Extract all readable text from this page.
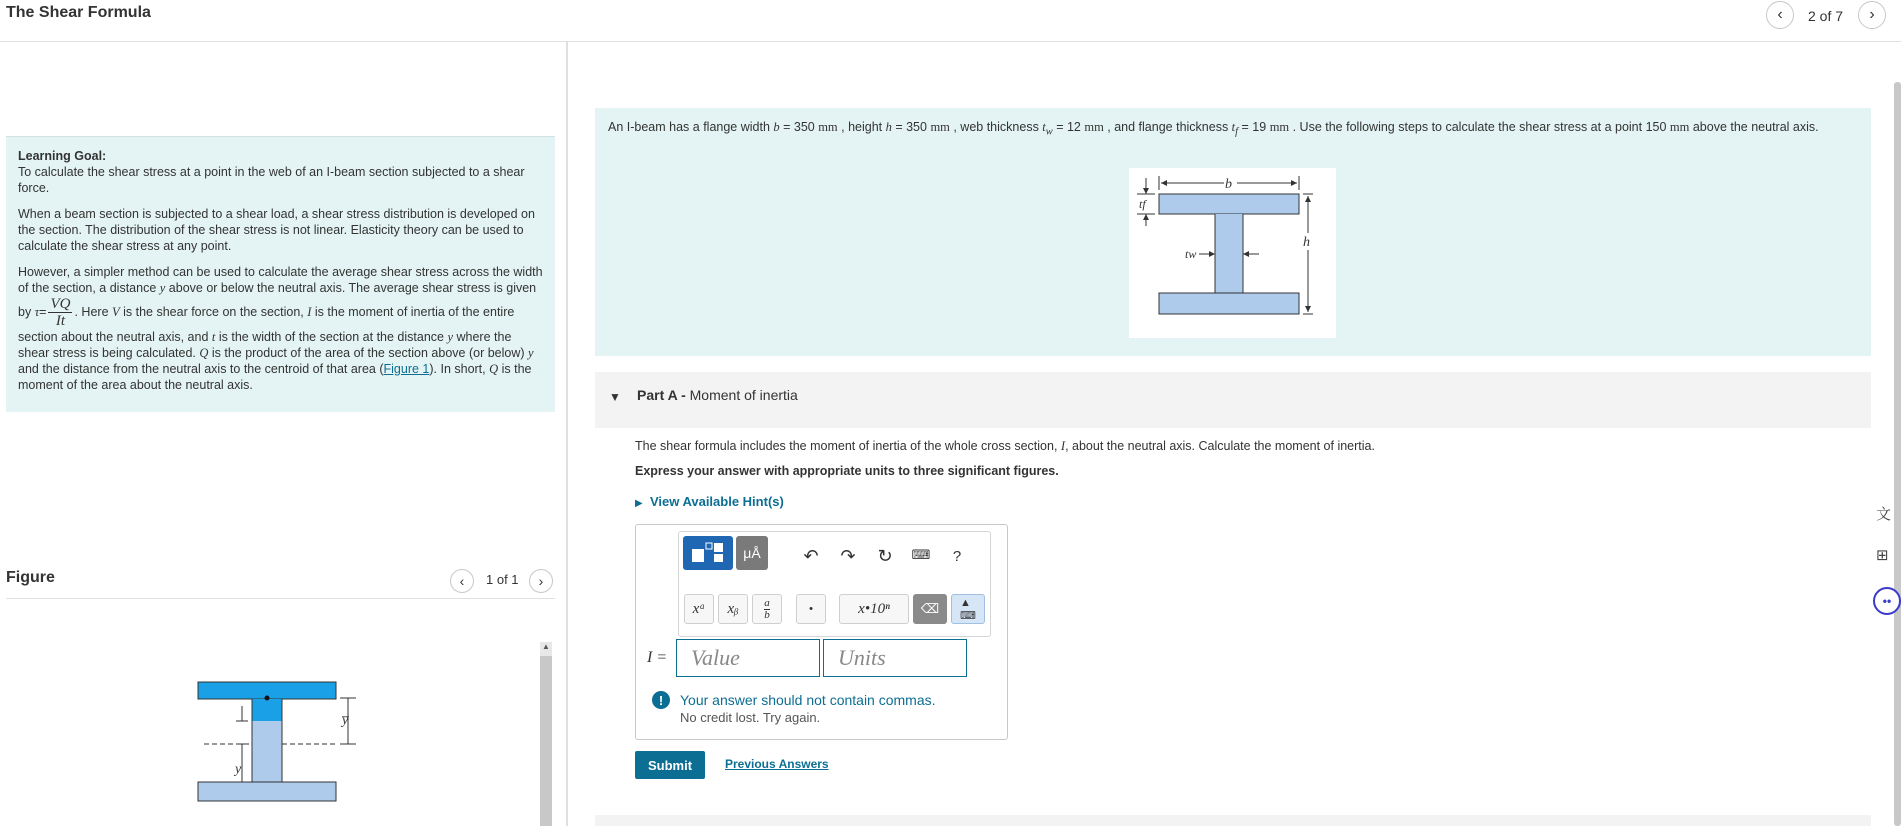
The Shear Formula	‹ 2 of 7 ›

Learning Goal:
To calculate the shear stress at a point in the web of an I-beam section subjected to a shear force.

When a beam section is subjected to a shear load, a shear stress distribution is developed on the section. The distribution of the shear stress is not linear. Elasticity theory can be used to calculate the shear stress at any point.

However, a simpler method can be used to calculate the average shear stress across the width of the section, a distance y above or below the neutral axis. The average shear stress is given by $\tau= \frac{VQ}{It}$ . Here V is the shear force on the section, I is the moment of inertia of the entire section about the neutral axis, and t is the width of the section at the distance y where the shear stress is being calculated. Q is the product of the area of the section above (or below) y and the distance from the neutral axis to the centroid of that area (Figure 1). In short, Q is the moment of the area about the neutral axis.

Figure	‹ 1 of 1 ›
y̅
y
▲
An I-beam has a flange width b = 350 mm , height h = 350 mm , web thickness $t_w = 12$ mm , and flange thickness $t_f = 19$ mm . Use the following steps to calculate the shear stress at a point 150 mm above the neutral axis.
b
h
tf
tw
▼ Part A - Moment of inertia
The shear formula includes the moment of inertia of the whole cross section, I, about the neutral axis. Calculate the moment of inertia.
Express your answer with appropriate units to three significant figures.
▶ View Available Hint(s)
μÅ	↶ ↷ ↻	⌨	?
xᵃ	xᵦ	a
b	•	x•10ⁿ	⌫	▲
⌨
I =	Value	Units
!	Your answer should not contain commas.
No credit lost. Try again.
Submit	Previous Answers
文
⊞
••
